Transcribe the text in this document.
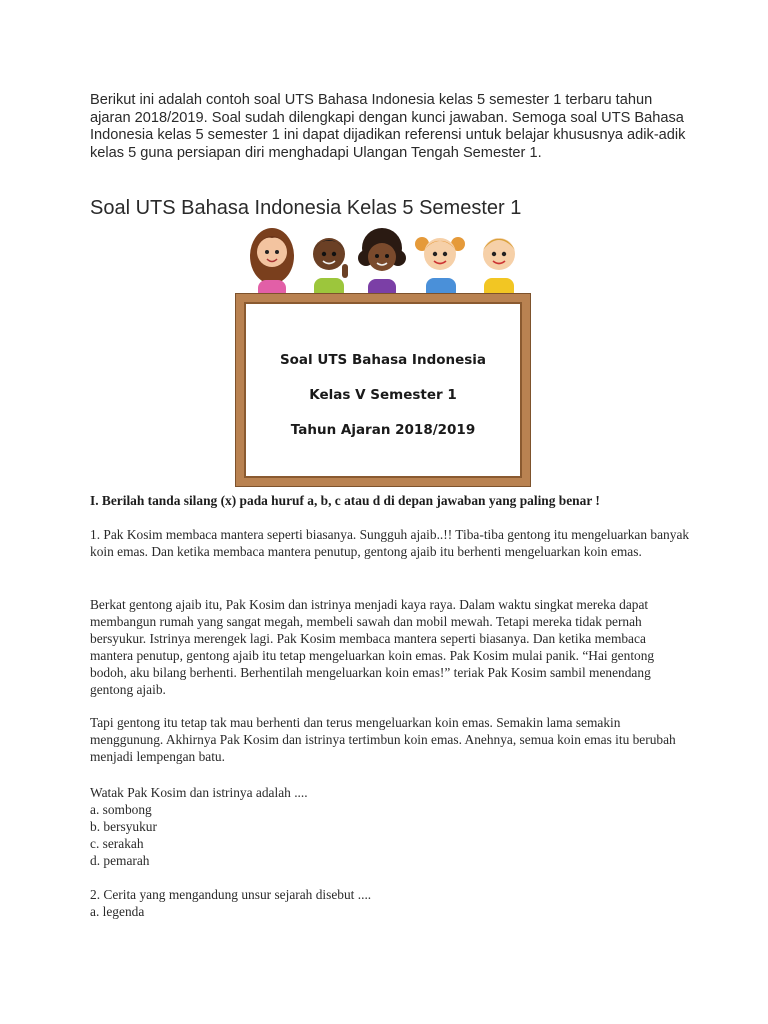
Berikut ini adalah contoh soal UTS Bahasa Indonesia kelas 5 semester 1 terbaru tahun ajaran 2018/2019. Soal sudah dilengkapi dengan kunci jawaban. Semoga soal UTS Bahasa Indonesia kelas 5 semester 1 ini dapat dijadikan referensi untuk belajar khususnya adik-adik kelas 5 guna persiapan diri menghadapi Ulangan Tengah Semester 1.

Soal UTS Bahasa Indonesia Kelas 5 Semester 1
Soal UTS Bahasa Indonesia
Kelas V Semester 1
Tahun Ajaran 2018/2019

I. Berilah tanda silang (x) pada huruf a, b, c atau d di depan jawaban yang paling benar !

1. Pak Kosim membaca mantera seperti biasanya. Sungguh ajaib..!! Tiba-tiba gentong itu mengeluarkan banyak koin emas. Dan ketika membaca mantera penutup, gentong ajaib itu berhenti mengeluarkan koin emas.

Berkat gentong ajaib itu, Pak Kosim dan istrinya menjadi kaya raya. Dalam waktu singkat mereka dapat membangun rumah yang sangat megah, membeli sawah dan mobil mewah. Tetapi mereka tidak pernah bersyukur. Istrinya merengek lagi. Pak Kosim membaca mantera seperti biasanya. Dan ketika membaca mantera penutup, gentong ajaib itu tetap mengeluarkan koin emas. Pak Kosim mulai panik. “Hai gentong bodoh, aku bilang berhenti. Berhentilah mengeluarkan koin emas!” teriak Pak Kosim sambil menendang gentong ajaib.

Tapi gentong itu tetap tak mau berhenti dan terus mengeluarkan koin emas. Semakin lama semakin menggunung. Akhirnya Pak Kosim dan istrinya tertimbun koin emas. Anehnya, semua koin emas itu berubah menjadi lempengan batu.

Watak Pak Kosim dan istrinya adalah ....
a. sombong
b. bersyukur
c. serakah
d. pemarah
2. Cerita yang mengandung unsur sejarah disebut ....
a. legenda
